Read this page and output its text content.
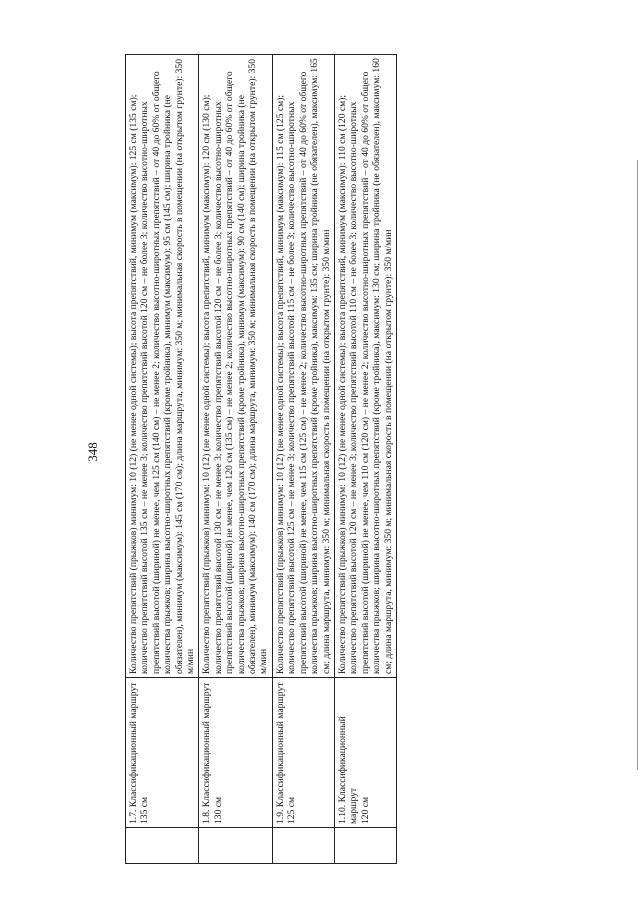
348

	1.7. Классификационный маршрут 135 см	Количество препятствий (прыжков) минимум: 10 (12) (не менее одной системы); высота препятствий, минимум (максимум): 125 см (135 см); количество препятствий высотой 135 см – не менее 3; количество препятствий высотой 120 см – не более 3; количество высотно-широтных препятствий высотой (шириной) не менее, чем 125 см (140 см) – не менее 2; количество высотно-широтных препятствий – от 40 до 60% от общего количества прыжков; ширина высотно-широтных препятствий (кроме тройника), минимум (максимум): 95 см (145 см); ширина тройника (не обязателен), минимум (максимум): 145 см (170 см); длина маршрута, минимум: 350 м; минимальная скорость в помещении (на открытом грунте): 350 м/мин

	1.8. Классификационный маршрут 130 см	Количество препятствий (прыжков) минимум: 10 (12) (не менее одной системы); высота препятствий, минимум (максимум): 120 см (130 см); количество препятствий высотой 130 см – не менее 3; количество препятствий высотой 120 см – не более 3; количество высотно-широтных препятствий высотой (шириной) не менее, чем 120 см (135 см) – не менее 2; количество высотно-широтных препятствий – от 40 до 60% от общего количества прыжков; ширина высотно-широтных препятствий (кроме тройника), минимум (максимум): 90 см (140 см); ширина тройника (не обязателен), минимум (максимум): 140 см (170 см); длина маршрута, минимум: 350 м; минимальная скорость в помещении (на открытом грунте): 350 м/мин

	1.9. Классификационный маршрут 125 см	Количество препятствий (прыжков) минимум: 10 (12) (не менее одной системы); высота препятствий, минимум (максимум): 115 см (125 см); количество препятствий высотой 125 см – не менее 3; количество препятствий высотой 115 см – не более 3; количество высотно-широтных препятствий высотой (шириной) не менее, чем 115 см (125 см) – не менее 2; количество высотно-широтных препятствий – от 40 до 60% от общего количества прыжков; ширина высотно-широтных препятствий (кроме тройника), максимум: 135 см; ширина тройника (не обязателен), максимум: 165 см; длина маршрута, минимум: 350 м; минимальная скорость в помещении (на открытом грунте): 350 м/мин

	1.10. Классификационный маршрут 120 см	Количество препятствий (прыжков) минимум: 10 (12) (не менее одной системы); высота препятствий, минимум (максимум): 110 см (120 см); количество препятствий высотой 120 см – не менее 3; количество препятствий высотой 110 см – не более 3; количество высотно-широтных препятствий высотой (шириной) не менее, чем 110 см (120 см) – не менее 2; количество высотно-широтных препятствий – от 40 до 60% от общего количества прыжков; ширина высотно-широтных препятствий (кроме тройника), максимум: 130 см; ширина тройника (не обязателен), максимум: 160 см; длина маршрута, минимум: 350 м; минимальная скорость в помещении (на открытом грунте): 350 м/мин
